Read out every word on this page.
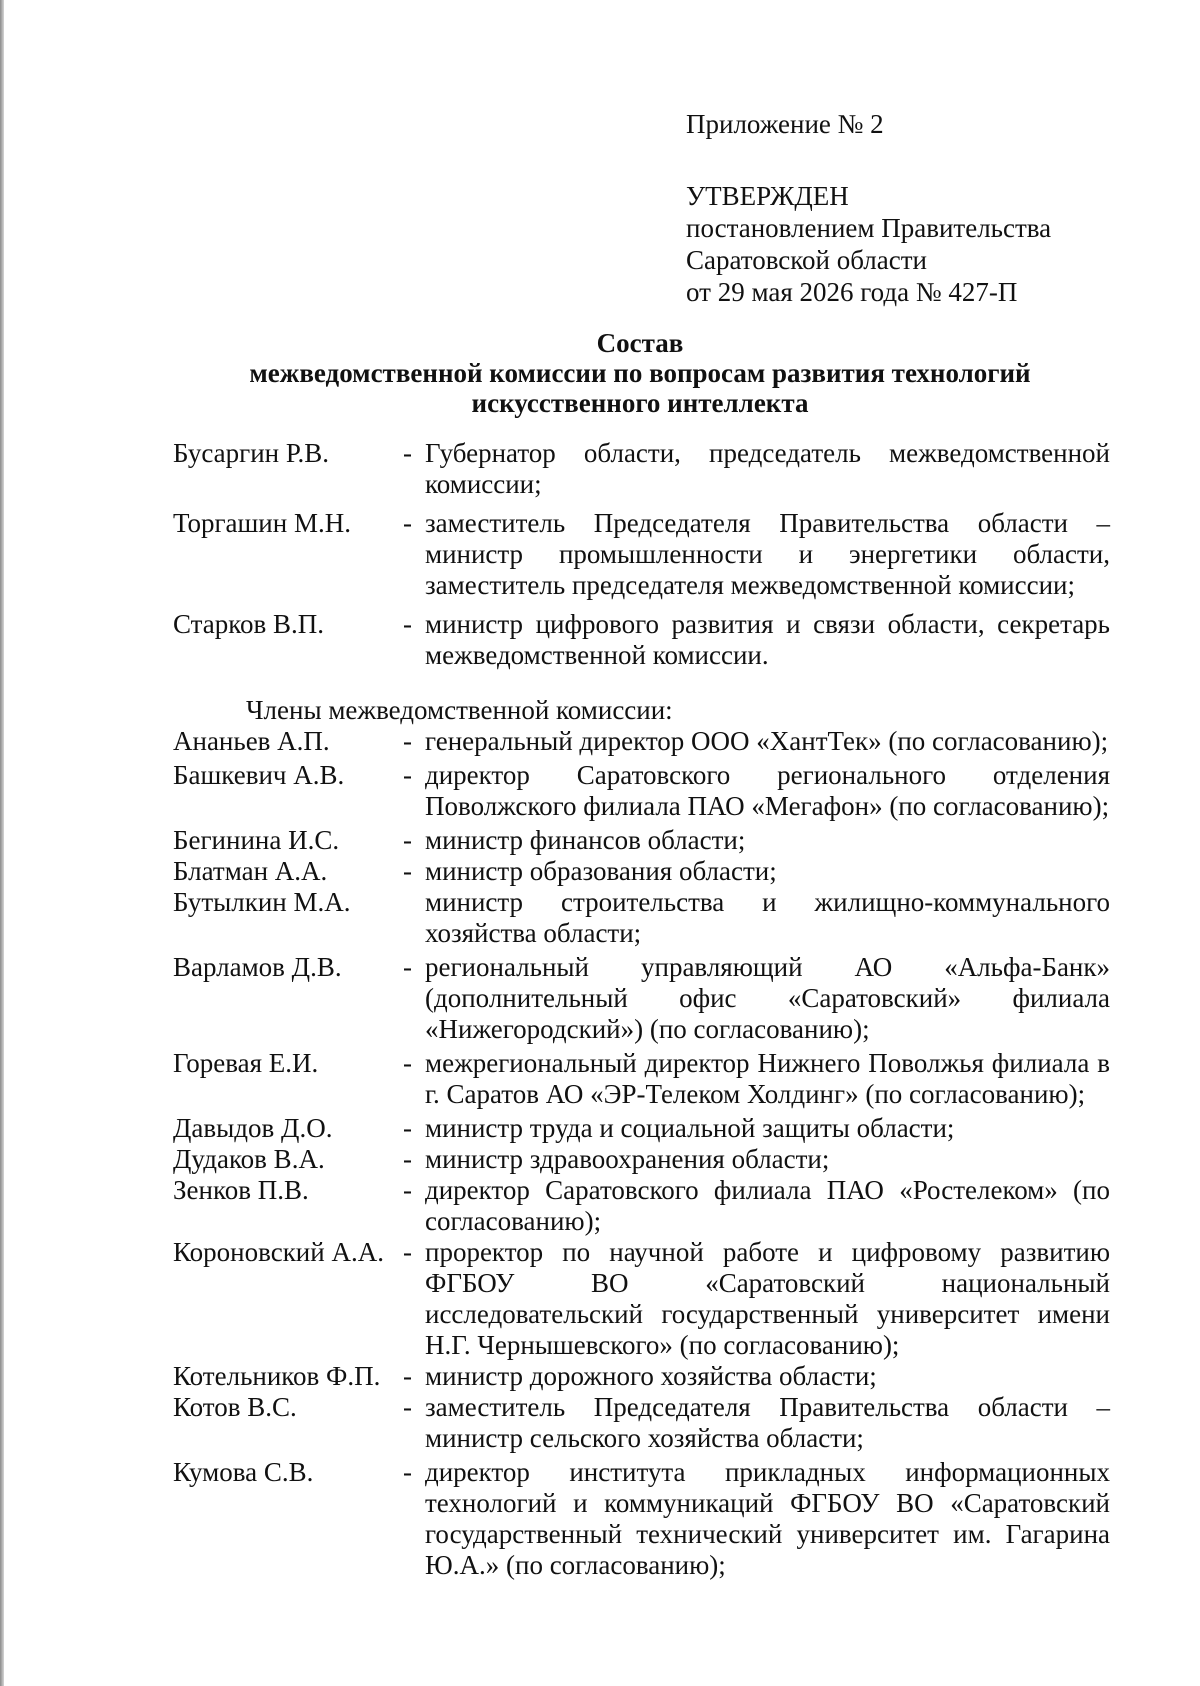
Приложение № 2
УТВЕРЖДЕН
постановлением Правительства
Саратовской области
от 29 мая 2026 года № 427-П
Состав
межведомственной комиссии по вопросам развития технологий
искусственного интеллекта
Бусаргин Р.В.	- Губернатор области, председатель межведомственной комиссии;
Торгашин М.Н.	- заместитель Председателя Правительства области – министр промышленности и энергетики области, заместитель председателя межведомственной комиссии;
Старков В.П.	- министр цифрового развития и связи области, секретарь межведомственной комиссии.
Члены межведомственной комиссии:
Ананьев А.П.	- генеральный директор ООО «ХантТек» (по согласованию);
Башкевич А.В.	- директор Саратовского регионального отделения Поволжского филиала ПАО «Мегафон» (по согласованию);
Бегинина И.С.	- министр финансов области;
Блатман А.А.	- министр образования области;
Бутылкин М.А.	министр строительства и жилищно-коммунального хозяйства области;
Варламов Д.В.	- региональный управляющий АО «Альфа-Банк» (дополнительный офис «Саратовский» филиала «Нижегородский») (по согласованию);
Горевая Е.И.	- межрегиональный директор Нижнего Поволжья филиала в г. Саратов АО «ЭР-Телеком Холдинг» (по согласованию);
Давыдов Д.О.	- министр труда и социальной защиты области;
Дудаков В.А.	- министр здравоохранения области;
Зенков П.В.	- директор Саратовского филиала ПАО «Ростелеком» (по согласованию);
Короновский А.А. - проректор по научной работе и цифровому развитию ФГБОУ ВО «Саратовский национальный исследовательский государственный университет имени Н.Г. Чернышевского» (по согласованию);
Котельников Ф.П. - министр дорожного хозяйства области;
Котов В.С.	- заместитель Председателя Правительства области – министр сельского хозяйства области;
Кумова С.В.	- директор института прикладных информационных технологий и коммуникаций ФГБОУ ВО «Саратовский государственный технический университет им. Гагарина Ю.А.» (по согласованию);
